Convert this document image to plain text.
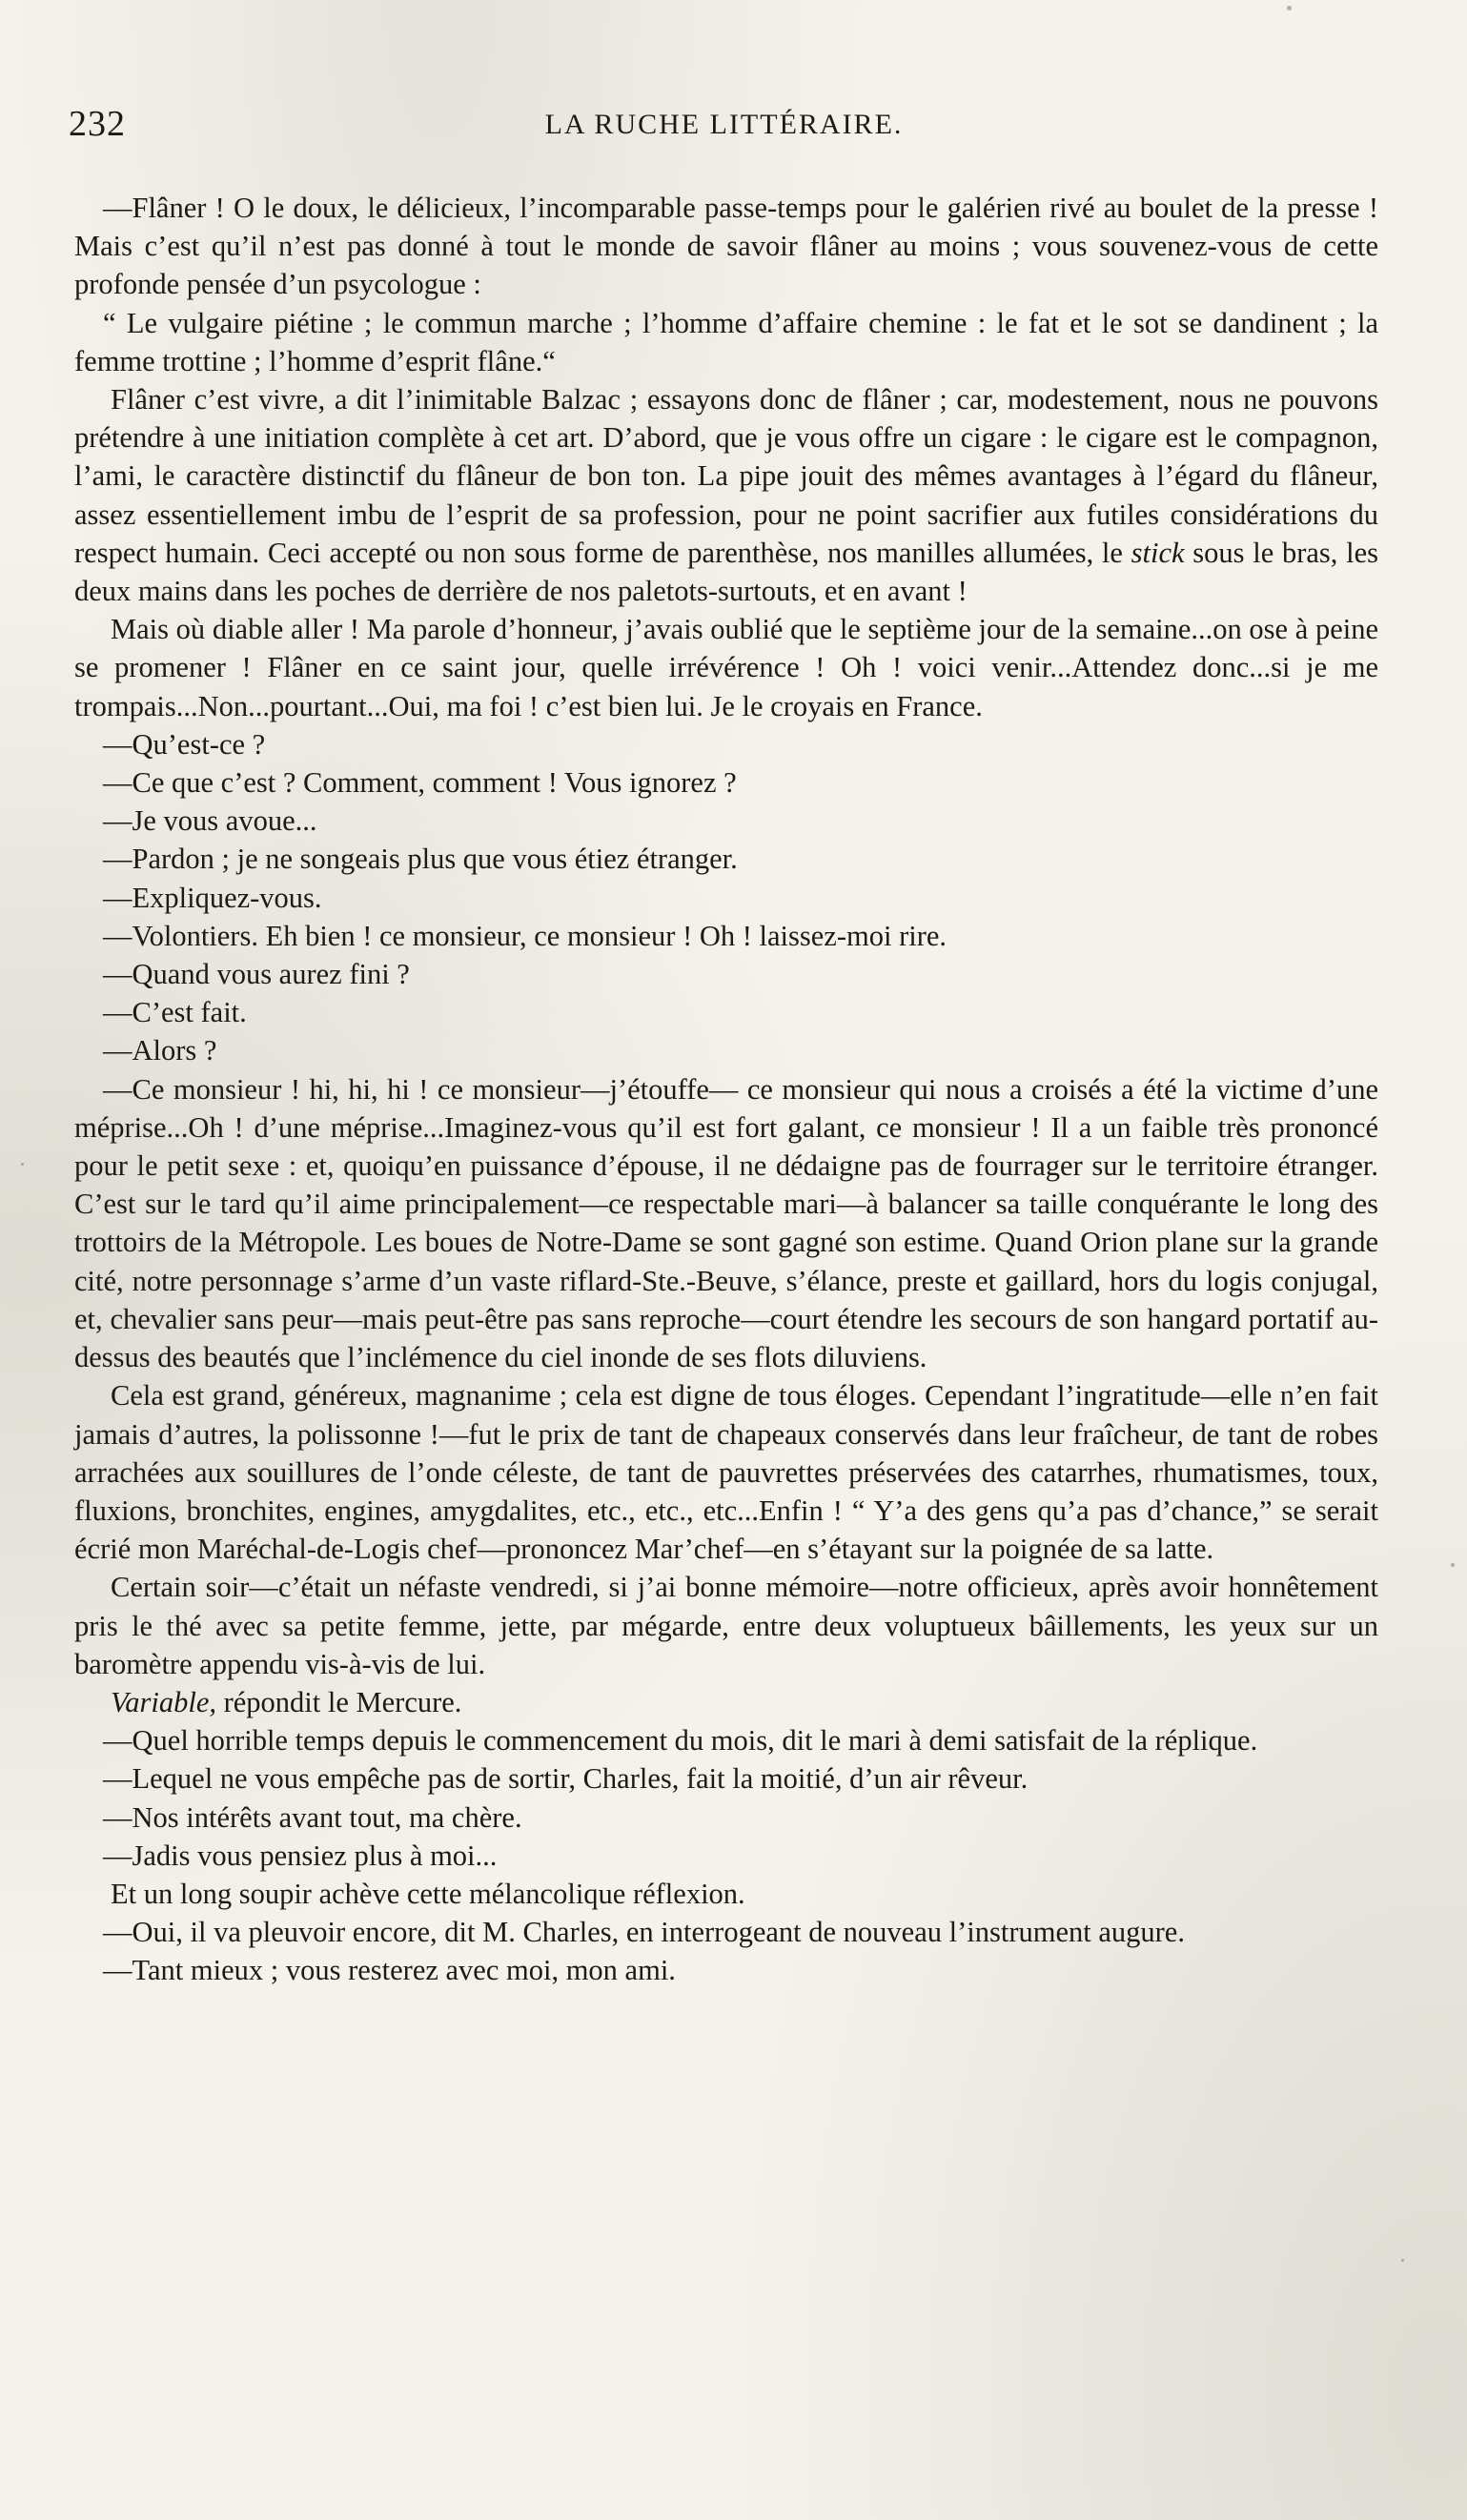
232	LA RUCHE LITTÉRAIRE.

—Flâner ! O le doux, le délicieux, l’incomparable passe-temps pour le galérien rivé au boulet de la presse ! Mais c’est qu’il n’est pas donné à tout le monde de savoir flâner au moins ; vous souvenez-vous de cette profonde pensée d’un psycologue :

“ Le vulgaire piétine ; le commun marche ; l’homme d’affaire chemine : le fat et le sot se dandinent ; la femme trottine ; l’homme d’esprit flâne.“

Flâner c’est vivre, a dit l’inimitable Balzac ; essayons donc de flâner ; car, modestement, nous ne pouvons prétendre à une initiation complète à cet art. D’abord, que je vous offre un cigare : le cigare est le compagnon, l’ami, le caractère distinctif du flâneur de bon ton. La pipe jouit des mêmes avantages à l’égard du flâneur, assez essentiellement imbu de l’esprit de sa profession, pour ne point sacrifier aux futiles considérations du respect humain. Ceci accepté ou non sous forme de parenthèse, nos manilles allumées, le stick sous le bras, les deux mains dans les poches de derrière de nos paletots-surtouts, et en avant !

Mais où diable aller ! Ma parole d’honneur, j’avais oublié que le septième jour de la semaine...on ose à peine se promener ! Flâner en ce saint jour, quelle irrévérence ! Oh ! voici venir...Attendez donc...si je me trompais...Non...pourtant...Oui, ma foi ! c’est bien lui. Je le croyais en France.

—Qu’est-ce ?

—Ce que c’est ? Comment, comment ! Vous ignorez ?

—Je vous avoue...

—Pardon ; je ne songeais plus que vous étiez étranger.

—Expliquez-vous.

—Volontiers. Eh bien ! ce monsieur, ce monsieur ! Oh ! laissez-moi rire.

—Quand vous aurez fini ?

—C’est fait.

—Alors ?

—Ce monsieur ! hi, hi, hi ! ce monsieur—j’étouffe— ce monsieur qui nous a croisés a été la victime d’une méprise...Oh ! d’une méprise...Imaginez-vous qu’il est fort galant, ce monsieur ! Il a un faible très prononcé pour le petit sexe : et, quoiqu’en puissance d’épouse, il ne dédaigne pas de fourrager sur le territoire étranger. C’est sur le tard qu’il aime principalement—ce respectable mari—à balancer sa taille conquérante le long des trottoirs de la Métropole. Les boues de Notre-Dame se sont gagné son estime. Quand Orion plane sur la grande cité, notre personnage s’arme d’un vaste riflard-Ste.-Beuve, s’élance, preste et gaillard, hors du logis conjugal, et, chevalier sans peur—mais peut-être pas sans reproche—court étendre les secours de son hangard portatif au-dessus des beautés que l’inclémence du ciel inonde de ses flots diluviens.

Cela est grand, généreux, magnanime ; cela est digne de tous éloges. Cependant l’ingratitude—elle n’en fait jamais d’autres, la polissonne !—fut le prix de tant de chapeaux conservés dans leur fraîcheur, de tant de robes arrachées aux souillures de l’onde céleste, de tant de pauvrettes préservées des catarrhes, rhumatismes, toux, fluxions, bronchites, engines, amygdalites, etc., etc., etc...Enfin ! “ Y’a des gens qu’a pas d’chance,” se serait écrié mon Maréchal-de-Logis chef—prononcez Mar’chef—en s’étayant sur la poignée de sa latte.

Certain soir—c’était un néfaste vendredi, si j’ai bonne mémoire—notre officieux, après avoir honnêtement pris le thé avec sa petite femme, jette, par mégarde, entre deux voluptueux bâillements, les yeux sur un baromètre appendu vis-à-vis de lui.

Variable, répondit le Mercure.

—Quel horrible temps depuis le commencement du mois, dit le mari à demi satisfait de la réplique.

—Lequel ne vous empêche pas de sortir, Charles, fait la moitié, d’un air rêveur.

—Nos intérêts avant tout, ma chère.

—Jadis vous pensiez plus à moi...

Et un long soupir achève cette mélancolique réflexion.

—Oui, il va pleuvoir encore, dit M. Charles, en interrogeant de nouveau l’instrument augure.

—Tant mieux ; vous resterez avec moi, mon ami.
